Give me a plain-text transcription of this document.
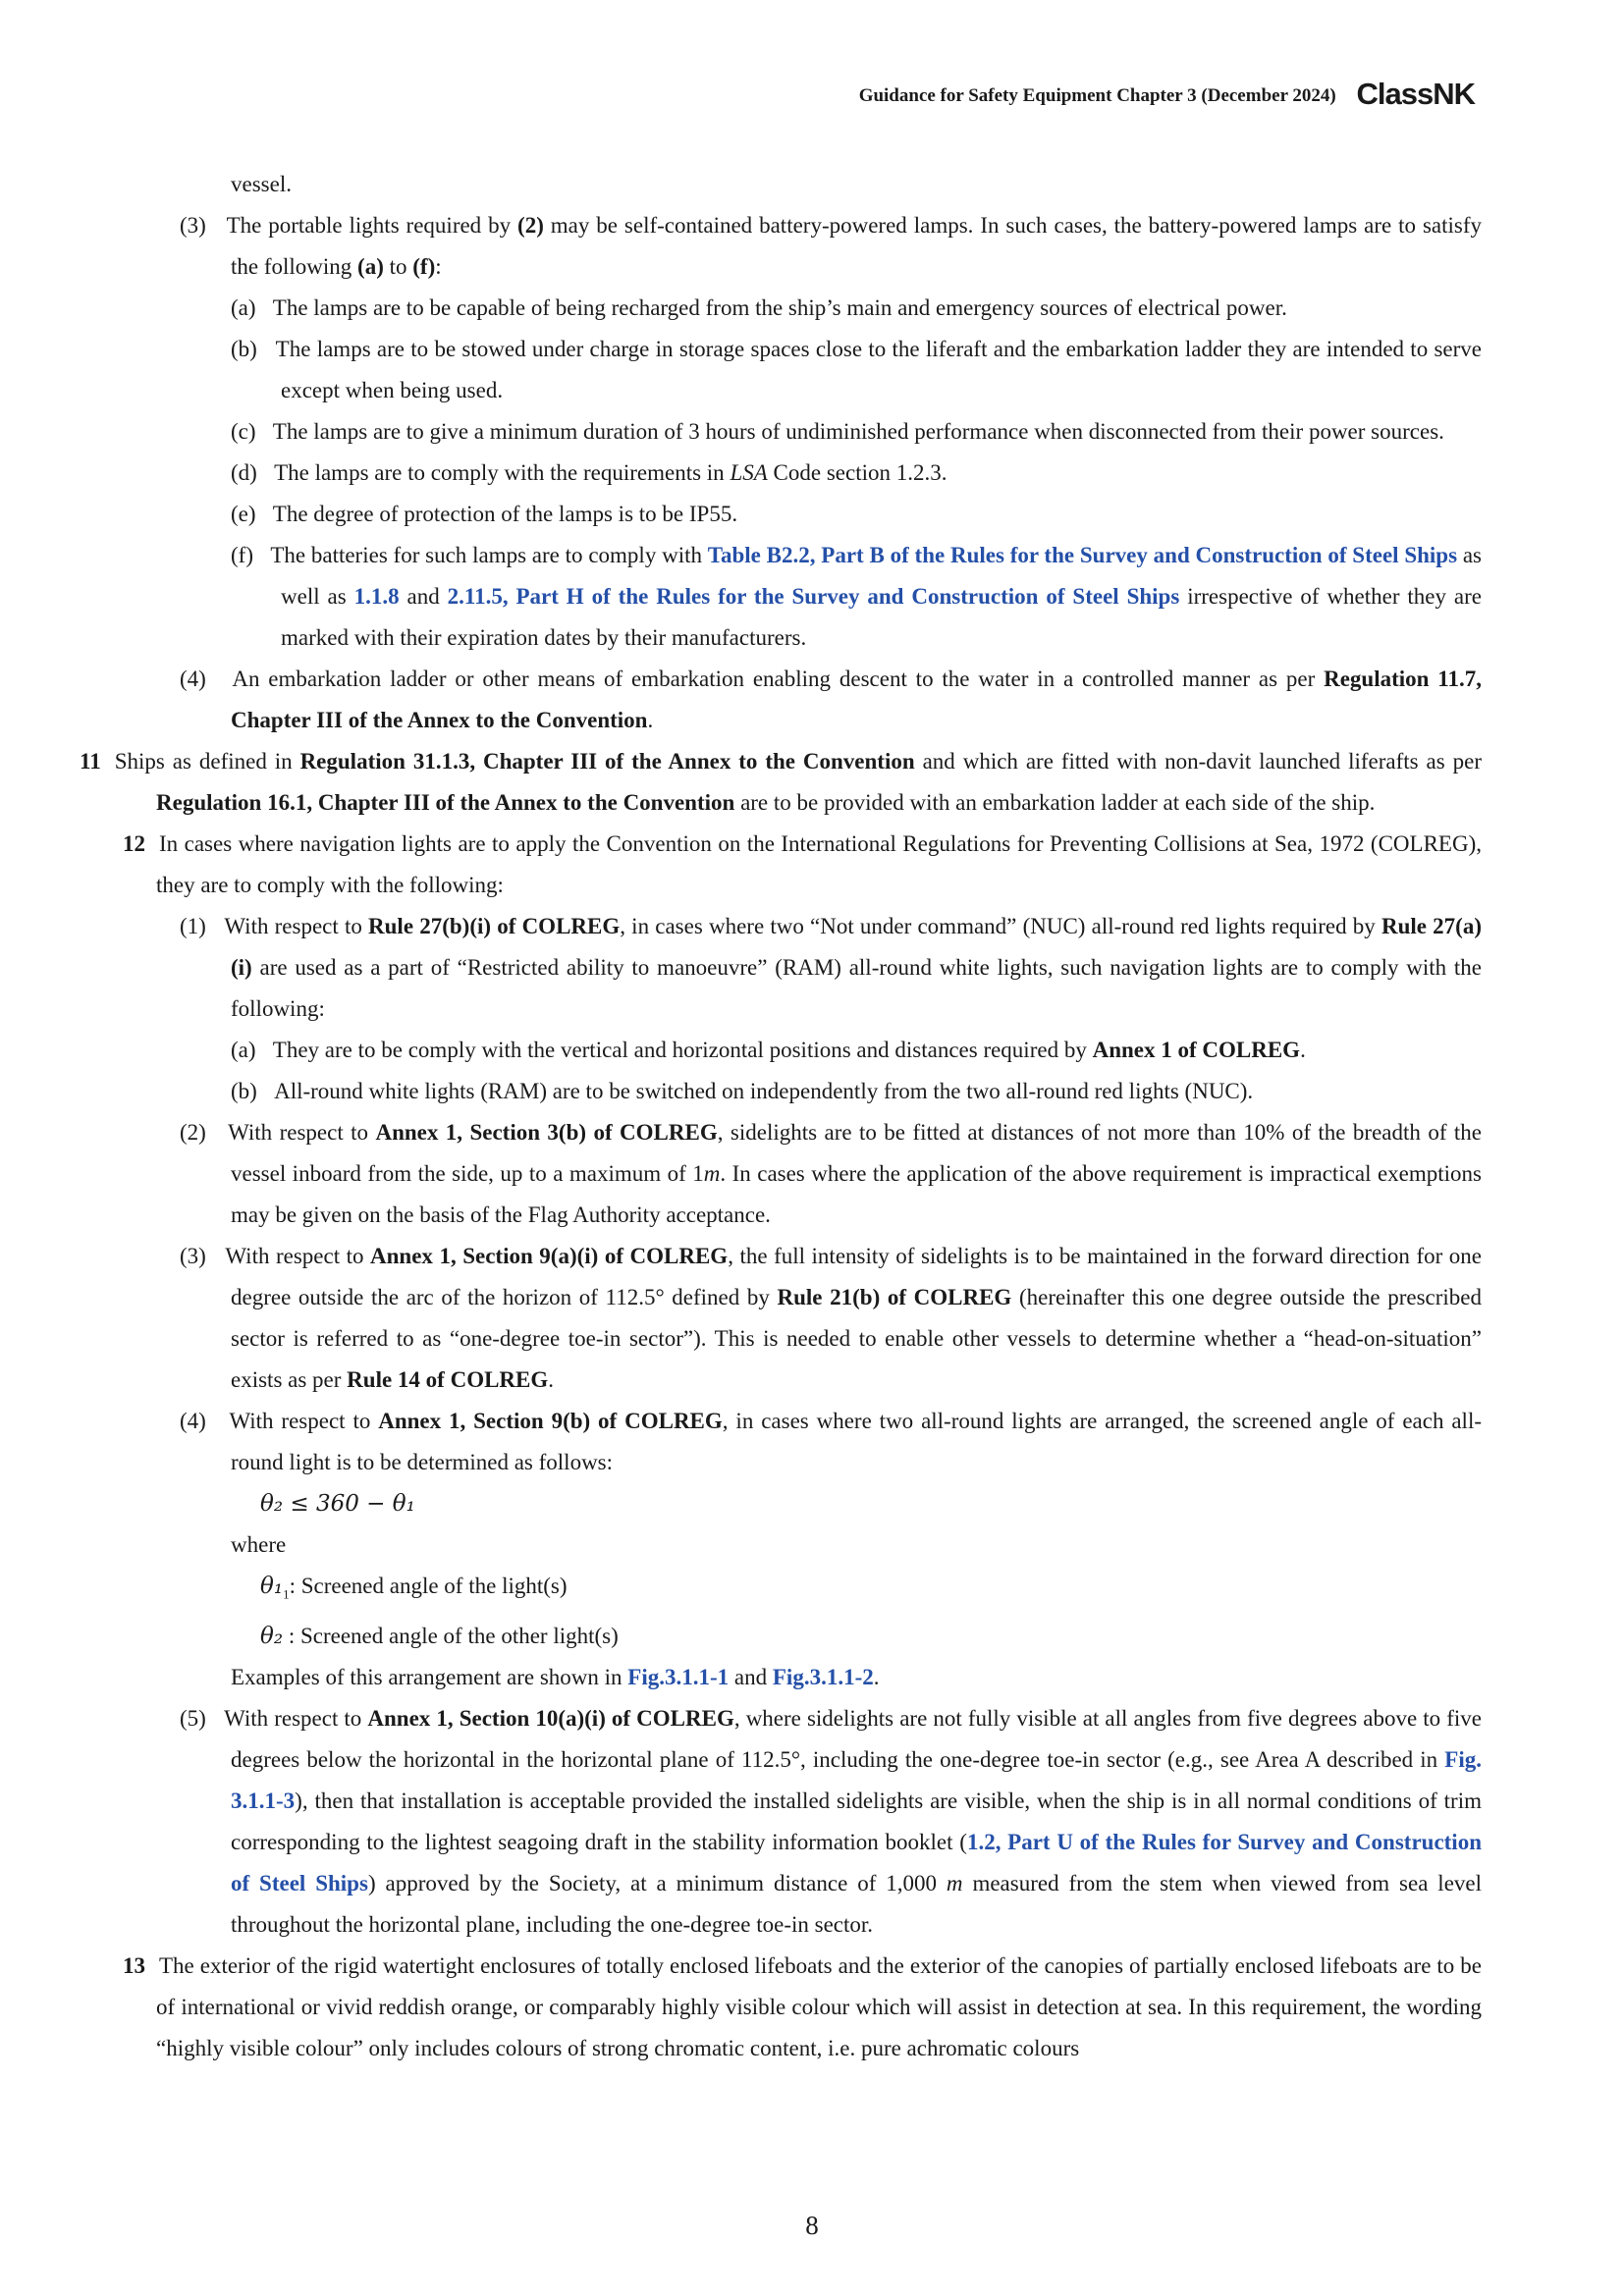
Guidance for Safety Equipment Chapter 3 (December 2024) ClassNK
vessel.
(3) The portable lights required by (2) may be self-contained battery-powered lamps. In such cases, the battery-powered lamps are to satisfy the following (a) to (f):
(a) The lamps are to be capable of being recharged from the ship’s main and emergency sources of electrical power.
(b) The lamps are to be stowed under charge in storage spaces close to the liferaft and the embarkation ladder they are intended to serve except when being used.
(c) The lamps are to give a minimum duration of 3 hours of undiminished performance when disconnected from their power sources.
(d) The lamps are to comply with the requirements in LSA Code section 1.2.3.
(e) The degree of protection of the lamps is to be IP55.
(f) The batteries for such lamps are to comply with Table B2.2, Part B of the Rules for the Survey and Construction of Steel Ships as well as 1.1.8 and 2.11.5, Part H of the Rules for the Survey and Construction of Steel Ships irrespective of whether they are marked with their expiration dates by their manufacturers.
(4) An embarkation ladder or other means of embarkation enabling descent to the water in a controlled manner as per Regulation 11.7, Chapter III of the Annex to the Convention.
11 Ships as defined in Regulation 31.1.3, Chapter III of the Annex to the Convention and which are fitted with non-davit launched liferafts as per Regulation 16.1, Chapter III of the Annex to the Convention are to be provided with an embarkation ladder at each side of the ship.
12 In cases where navigation lights are to apply the Convention on the International Regulations for Preventing Collisions at Sea, 1972 (COLREG), they are to comply with the following:
(1) With respect to Rule 27(b)(i) of COLREG, in cases where two “Not under command” (NUC) all-round red lights required by Rule 27(a)(i) are used as a part of “Restricted ability to manoeuvre” (RAM) all-round white lights, such navigation lights are to comply with the following:
(a) They are to be comply with the vertical and horizontal positions and distances required by Annex 1 of COLREG.
(b) All-round white lights (RAM) are to be switched on independently from the two all-round red lights (NUC).
(2) With respect to Annex 1, Section 3(b) of COLREG, sidelights are to be fitted at distances of not more than 10% of the breadth of the vessel inboard from the side, up to a maximum of 1m. In cases where the application of the above requirement is impractical exemptions may be given on the basis of the Flag Authority acceptance.
(3) With respect to Annex 1, Section 9(a)(i) of COLREG, the full intensity of sidelights is to be maintained in the forward direction for one degree outside the arc of the horizon of 112.5° defined by Rule 21(b) of COLREG (hereinafter this one degree outside the prescribed sector is referred to as “one-degree toe-in sector”). This is needed to enable other vessels to determine whether a “head-on-situation” exists as per Rule 14 of COLREG.
(4) With respect to Annex 1, Section 9(b) of COLREG, in cases where two all-round lights are arranged, the screened angle of each all-round light is to be determined as follows:
θ₂ ≤ 360 − θ₁
where
$\theta_1_1$: Screened angle of the light(s)
θ₂ : Screened angle of the other light(s)
Examples of this arrangement are shown in Fig.3.1.1-1 and Fig.3.1.1-2.
(5) With respect to Annex 1, Section 10(a)(i) of COLREG, where sidelights are not fully visible at all angles from five degrees above to five degrees below the horizontal in the horizontal plane of 112.5°, including the one-degree toe-in sector (e.g., see Area A described in Fig. 3.1.1-3), then that installation is acceptable provided the installed sidelights are visible, when the ship is in all normal conditions of trim corresponding to the lightest seagoing draft in the stability information booklet (1.2, Part U of the Rules for Survey and Construction of Steel Ships) approved by the Society, at a minimum distance of 1,000 m measured from the stem when viewed from sea level throughout the horizontal plane, including the one-degree toe-in sector.
13 The exterior of the rigid watertight enclosures of totally enclosed lifeboats and the exterior of the canopies of partially enclosed lifeboats are to be of international or vivid reddish orange, or comparably highly visible colour which will assist in detection at sea. In this requirement, the wording “highly visible colour” only includes colours of strong chromatic content, i.e. pure achromatic colours
8
